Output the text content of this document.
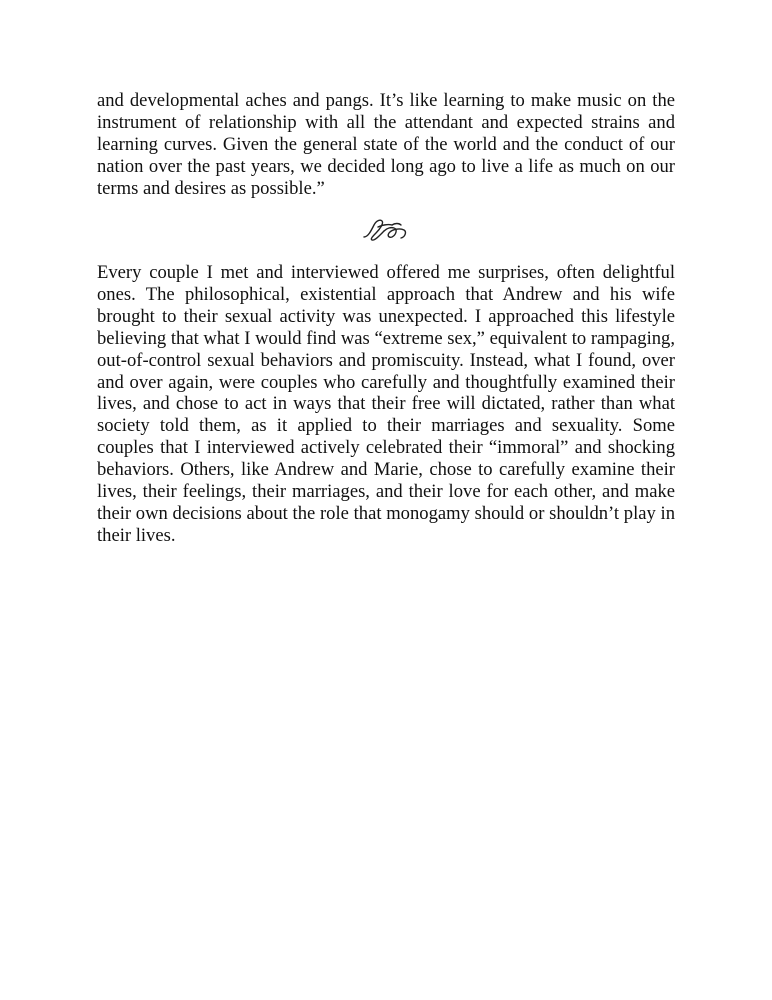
and developmental aches and pangs. It’s like learning to make music on the instrument of relationship with all the attendant and expected strains and learning curves. Given the general state of the world and the conduct of our nation over the past years, we decided long ago to live a life as much on our terms and desires as possible.”

Every couple I met and interviewed offered me surprises, often delightful ones. The philosophical, existential approach that Andrew and his wife brought to their sexual activity was unexpected. I approached this lifestyle believing that what I would find was “extreme sex,” equivalent to rampaging, out-of-control sexual behaviors and promiscuity. Instead, what I found, over and over again, were couples who carefully and thoughtfully examined their lives, and chose to act in ways that their free will dictated, rather than what society told them, as it applied to their marriages and sexuality. Some couples that I interviewed actively celebrated their “immoral” and shocking behaviors. Others, like Andrew and Marie, chose to carefully examine their lives, their feelings, their marriages, and their love for each other, and make their own decisions about the role that monogamy should or shouldn’t play in their lives.
